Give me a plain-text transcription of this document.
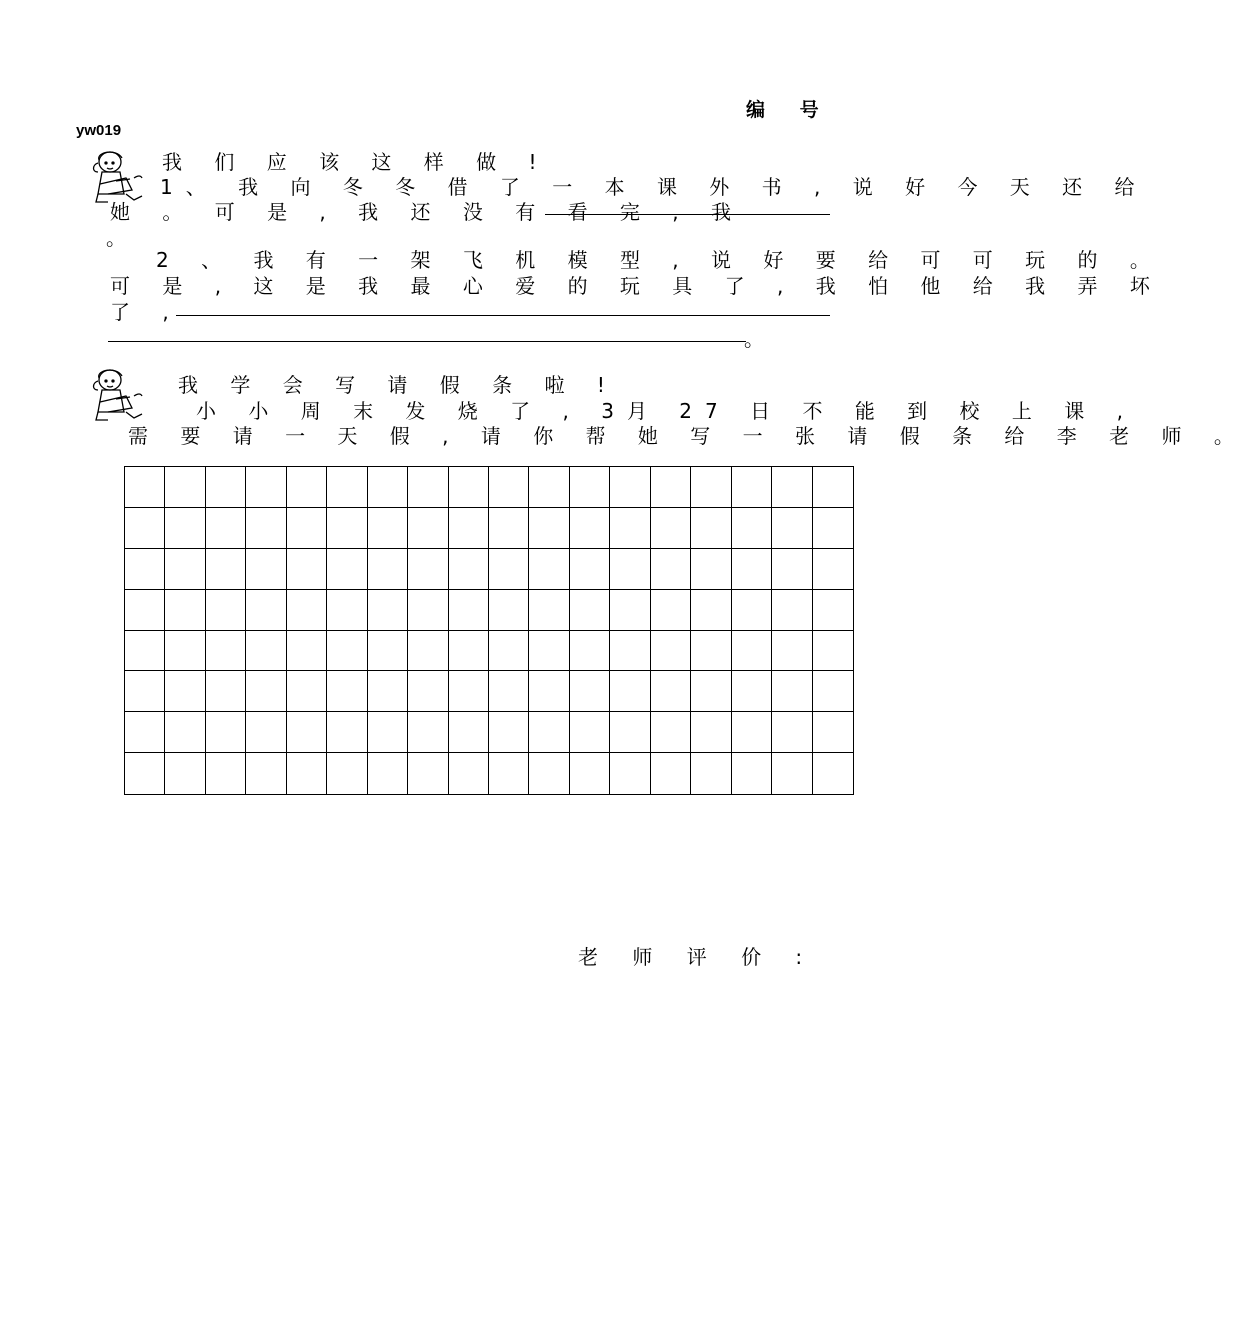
编 号
yw019
我 们 应 该 这 样 做 !
1、 我 向 冬 冬 借 了 一 本 课 外 书 , 说 好 今 天 还 给
她 。 可 是 , 我 还 没 有 看 完 , 我
。
2 、 我 有 一 架 飞 机 模 型 , 说 好 要 给 可 可 玩 的 。
可 是 , 这 是 我 最 心 爱 的 玩 具 了 , 我 怕 他 给 我 弄 坏
了 ,
。
我 学 会 写 请 假 条 啦 !
小 小 周 末 发 烧 了 , 3月 27 日 不 能 到 校 上 课 ,
需 要 请 一 天 假 , 请 你 帮 她 写 一 张 请 假 条 给 李 老 师 。
老 师 评 价 :
